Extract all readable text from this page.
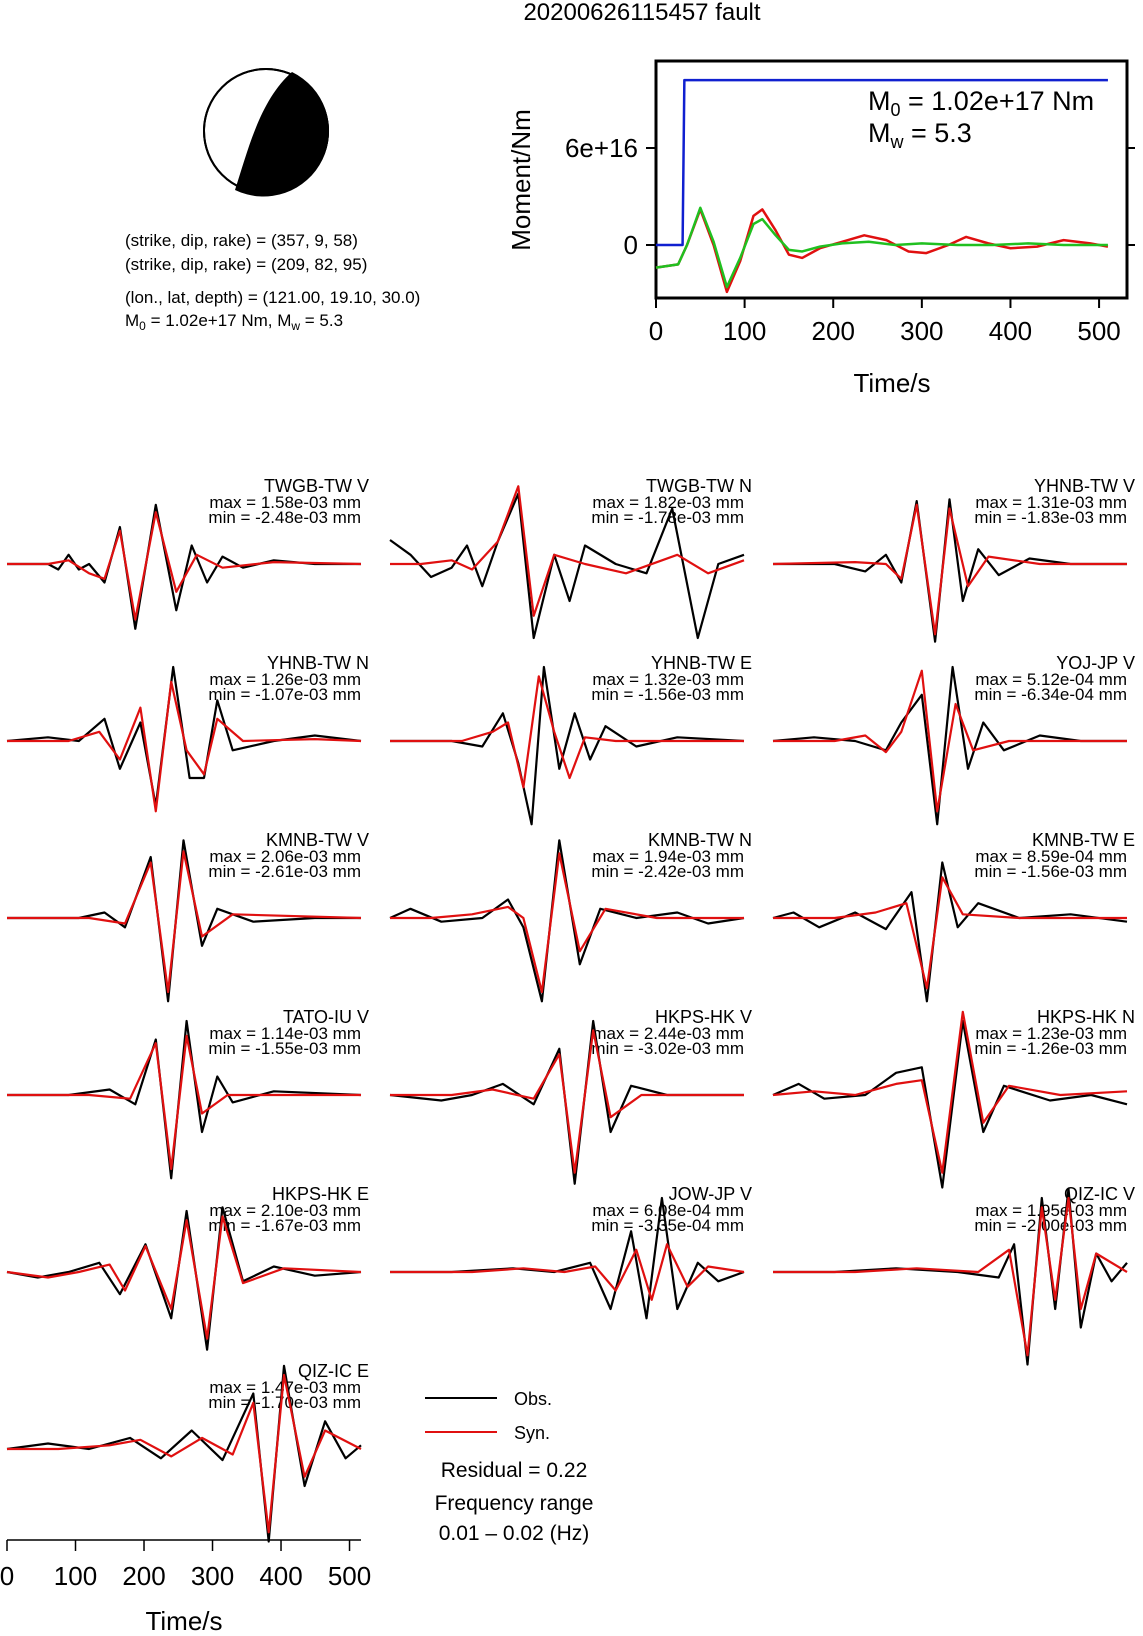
20200626115457 fault
(strike, dip, rake) = (357, 9, 58)
(strike, dip, rake) = (209, 82, 95)
(lon., lat, depth) = (121.00, 19.10, 30.0)
$M_0 = 1.02e+17$ Nm, $M_w = 5.3$	0 100 200 300 400 500
0
6e+16
Moment/Nm
Time/s
$M_0 = 1.02e+17$ Nm
$M_w = 5.3$
TWGB-TW V
max = 1.58e-03 mm
min = -2.48e-03 mm
TWGB-TW N
max = 1.82e-03 mm
min = -1.78e-03 mm
YHNB-TW V
max = 1.31e-03 mm
min = -1.83e-03 mm
YHNB-TW N
max = 1.26e-03 mm
min = -1.07e-03 mm
YHNB-TW E
max = 1.32e-03 mm
min = -1.56e-03 mm
YOJ-JP V
max = 5.12e-04 mm
min = -6.34e-04 mm
KMNB-TW V
max = 2.06e-03 mm
min = -2.61e-03 mm
KMNB-TW N
max = 1.94e-03 mm
min = -2.42e-03 mm
KMNB-TW E
max = 8.59e-04 mm
min = -1.56e-03 mm
TATO-IU V
max = 1.14e-03 mm
min = -1.55e-03 mm
HKPS-HK V
max = 2.44e-03 mm
min = -3.02e-03 mm
HKPS-HK N
max = 1.23e-03 mm
min = -1.26e-03 mm
HKPS-HK E
max = 2.10e-03 mm
min = -1.67e-03 mm
JOW-JP V
max = 6.08e-04 mm
min = -3.35e-04 mm
QIZ-IC V
max = 1.95e-03 mm
min = -2.00e-03 mm
QIZ-IC E
max = 1.47e-03 mm
min = -1.70e-03 mm
Time/s
0 100 200 300 400 500
Obs.
Syn.
Residual = 0.22
Frequency range
0.01 – 0.02 (Hz)
